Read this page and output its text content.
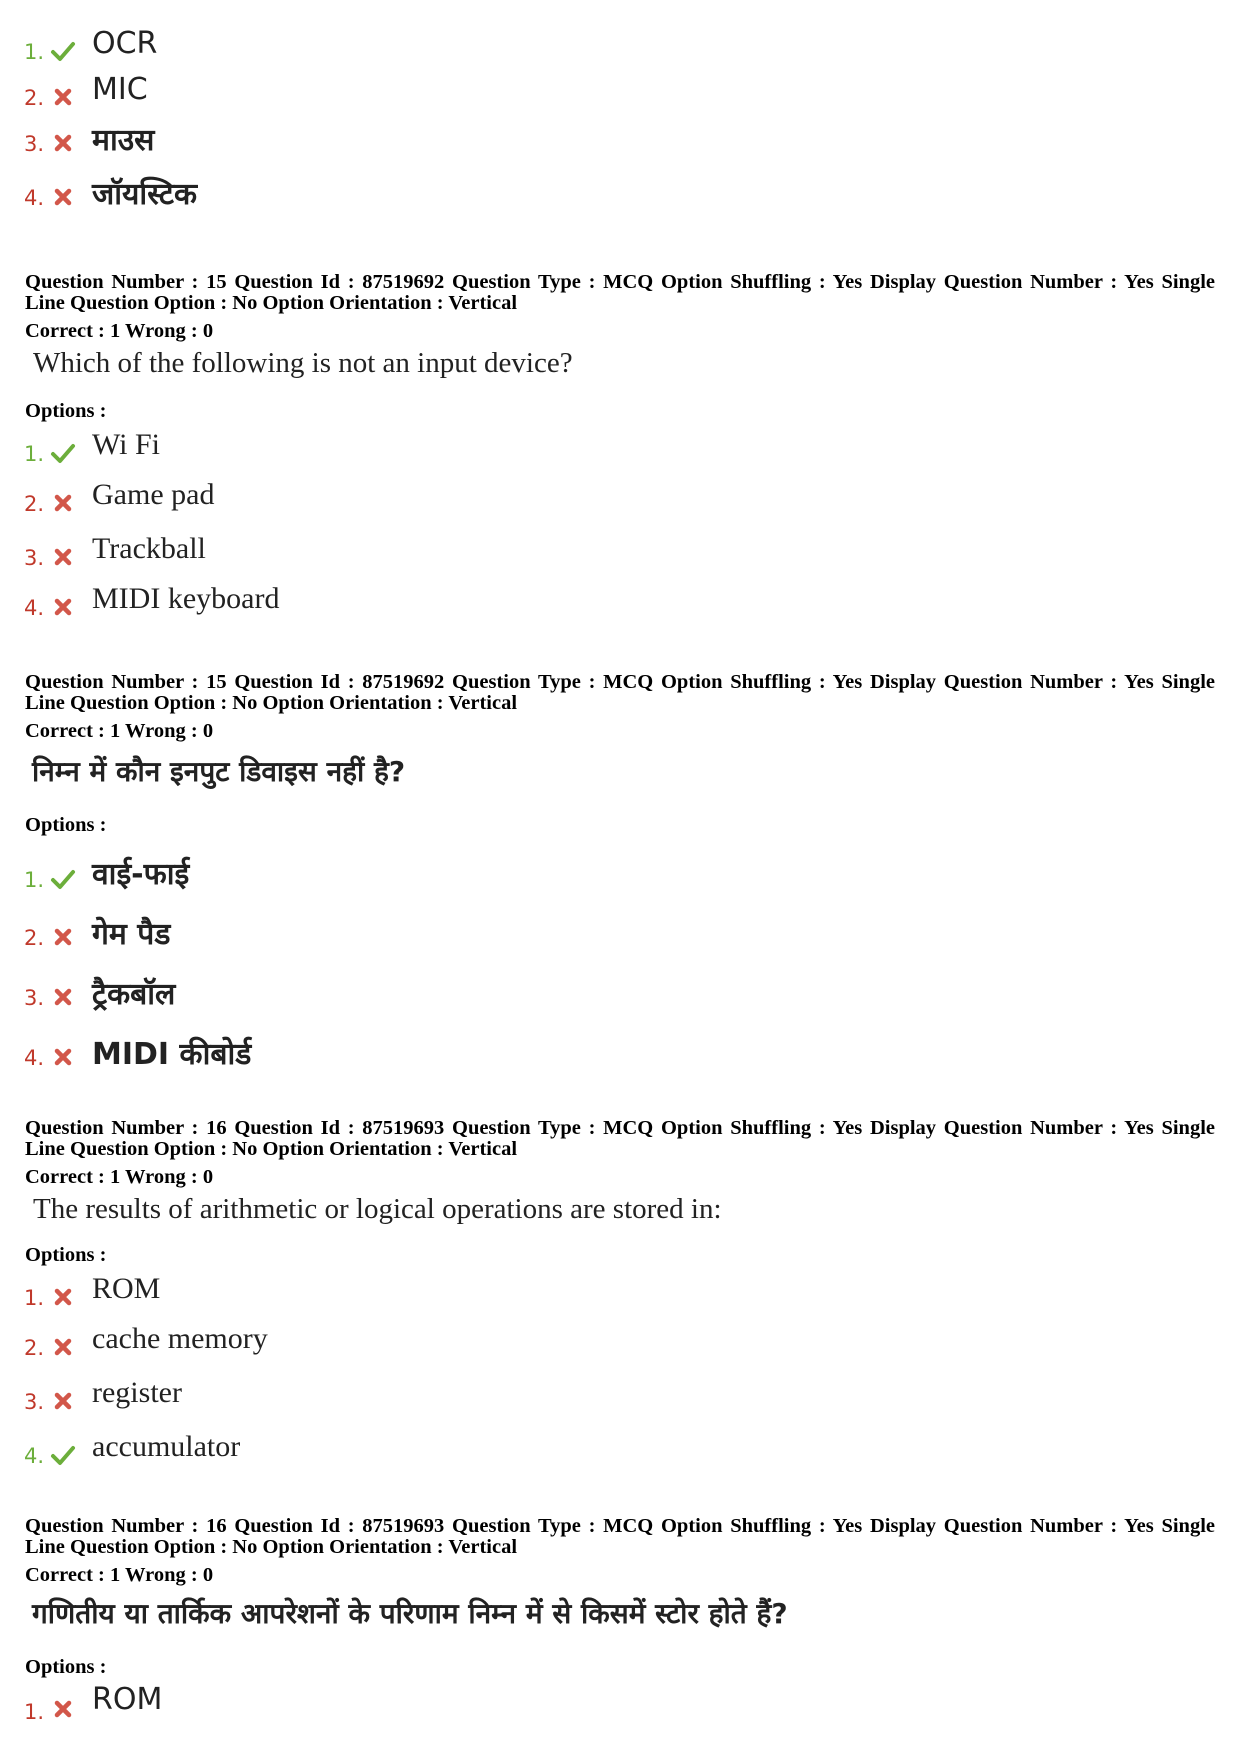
1. OCR
2. MIC
3. माउस
4. जॉयस्टिक
Question Number : 15 Question Id : 87519692 Question Type : MCQ Option Shuffling : Yes Display Question Number : Yes Single
Line Question Option : No Option Orientation : Vertical
Correct : 1 Wrong : 0
Which of the following is not an input device?
Options :
1. Wi Fi
2. Game pad
3. Trackball
4. MIDI keyboard
Question Number : 15 Question Id : 87519692 Question Type : MCQ Option Shuffling : Yes Display Question Number : Yes Single
Line Question Option : No Option Orientation : Vertical
Correct : 1 Wrong : 0
निम्न में कौन इनपुट डिवाइस नहीं है?
Options :
1. वाई-फाई
2. गेम पैड
3. ट्रैकबॉल
4. MIDI कीबोर्ड
Question Number : 16 Question Id : 87519693 Question Type : MCQ Option Shuffling : Yes Display Question Number : Yes Single
Line Question Option : No Option Orientation : Vertical
Correct : 1 Wrong : 0
The results of arithmetic or logical operations are stored in:
Options :
1. ROM
2. cache memory
3. register
4. accumulator
Question Number : 16 Question Id : 87519693 Question Type : MCQ Option Shuffling : Yes Display Question Number : Yes Single
Line Question Option : No Option Orientation : Vertical
Correct : 1 Wrong : 0
गणितीय या तार्किक आपरेशनों के परिणाम निम्न में से किसमें स्टोर होते हैं?
Options :
1. ROM
